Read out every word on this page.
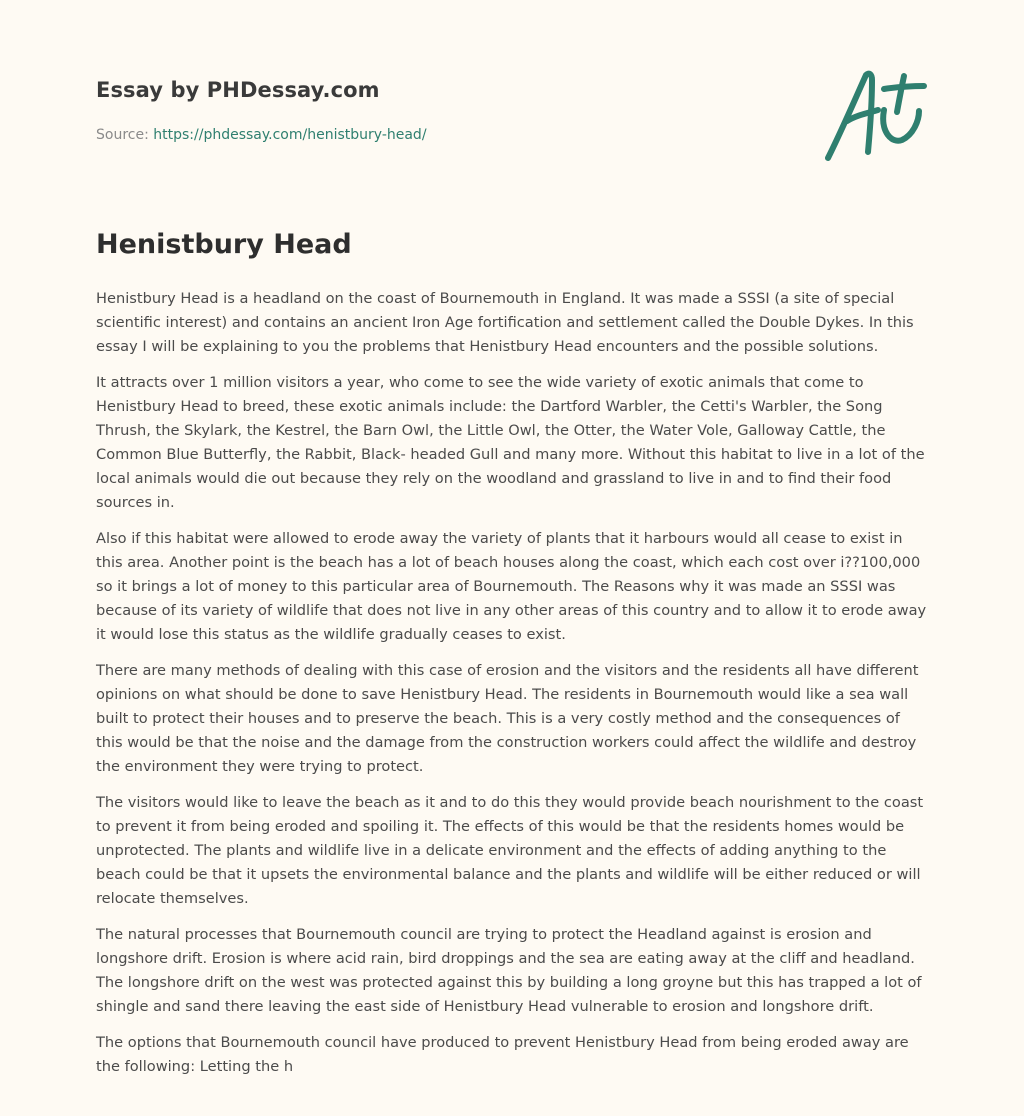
Essay by PHDessay.com
Source: https://phdessay.com/henistbury-head/
Henistbury Head

Henistbury Head is a headland on the coast of Bournemouth in England. It was made a SSSI (a site of special scientific interest) and contains an ancient Iron Age fortification and settlement called the Double Dykes. In this essay I will be explaining to you the problems that Henistbury Head encounters and the possible solutions.

It attracts over 1 million visitors a year, who come to see the wide variety of exotic animals that come to Henistbury Head to breed, these exotic animals include: the Dartford Warbler, the Cetti's Warbler, the Song Thrush, the Skylark, the Kestrel, the Barn Owl, the Little Owl, the Otter, the Water Vole, Galloway Cattle, the Common Blue Butterfly, the Rabbit, Black- headed Gull and many more. Without this habitat to live in a lot of the local animals would die out because they rely on the woodland and grassland to live in and to find their food sources in.

Also if this habitat were allowed to erode away the variety of plants that it harbours would all cease to exist in this area. Another point is the beach has a lot of beach houses along the coast, which each cost over i??100,000 so it brings a lot of money to this particular area of Bournemouth. The Reasons why it was made an SSSI was because of its variety of wildlife that does not live in any other areas of this country and to allow it to erode away it would lose this status as the wildlife gradually ceases to exist.

There are many methods of dealing with this case of erosion and the visitors and the residents all have different opinions on what should be done to save Henistbury Head. The residents in Bournemouth would like a sea wall built to protect their houses and to preserve the beach. This is a very costly method and the consequences of this would be that the noise and the damage from the construction workers could affect the wildlife and destroy the environment they were trying to protect.

The visitors would like to leave the beach as it and to do this they would provide beach nourishment to the coast to prevent it from being eroded and spoiling it. The effects of this would be that the residents homes would be unprotected. The plants and wildlife live in a delicate environment and the effects of adding anything to the beach could be that it upsets the environmental balance and the plants and wildlife will be either reduced or will relocate themselves.

The natural processes that Bournemouth council are trying to protect the Headland against is erosion and longshore drift. Erosion is where acid rain, bird droppings and the sea are eating away at the cliff and headland. The longshore drift on the west was protected against this by building a long groyne but this has trapped a lot of shingle and sand there leaving the east side of Henistbury Head vulnerable to erosion and longshore drift.

The options that Bournemouth council have produced to prevent Henistbury Head from being eroded away are the following: Letting the h
